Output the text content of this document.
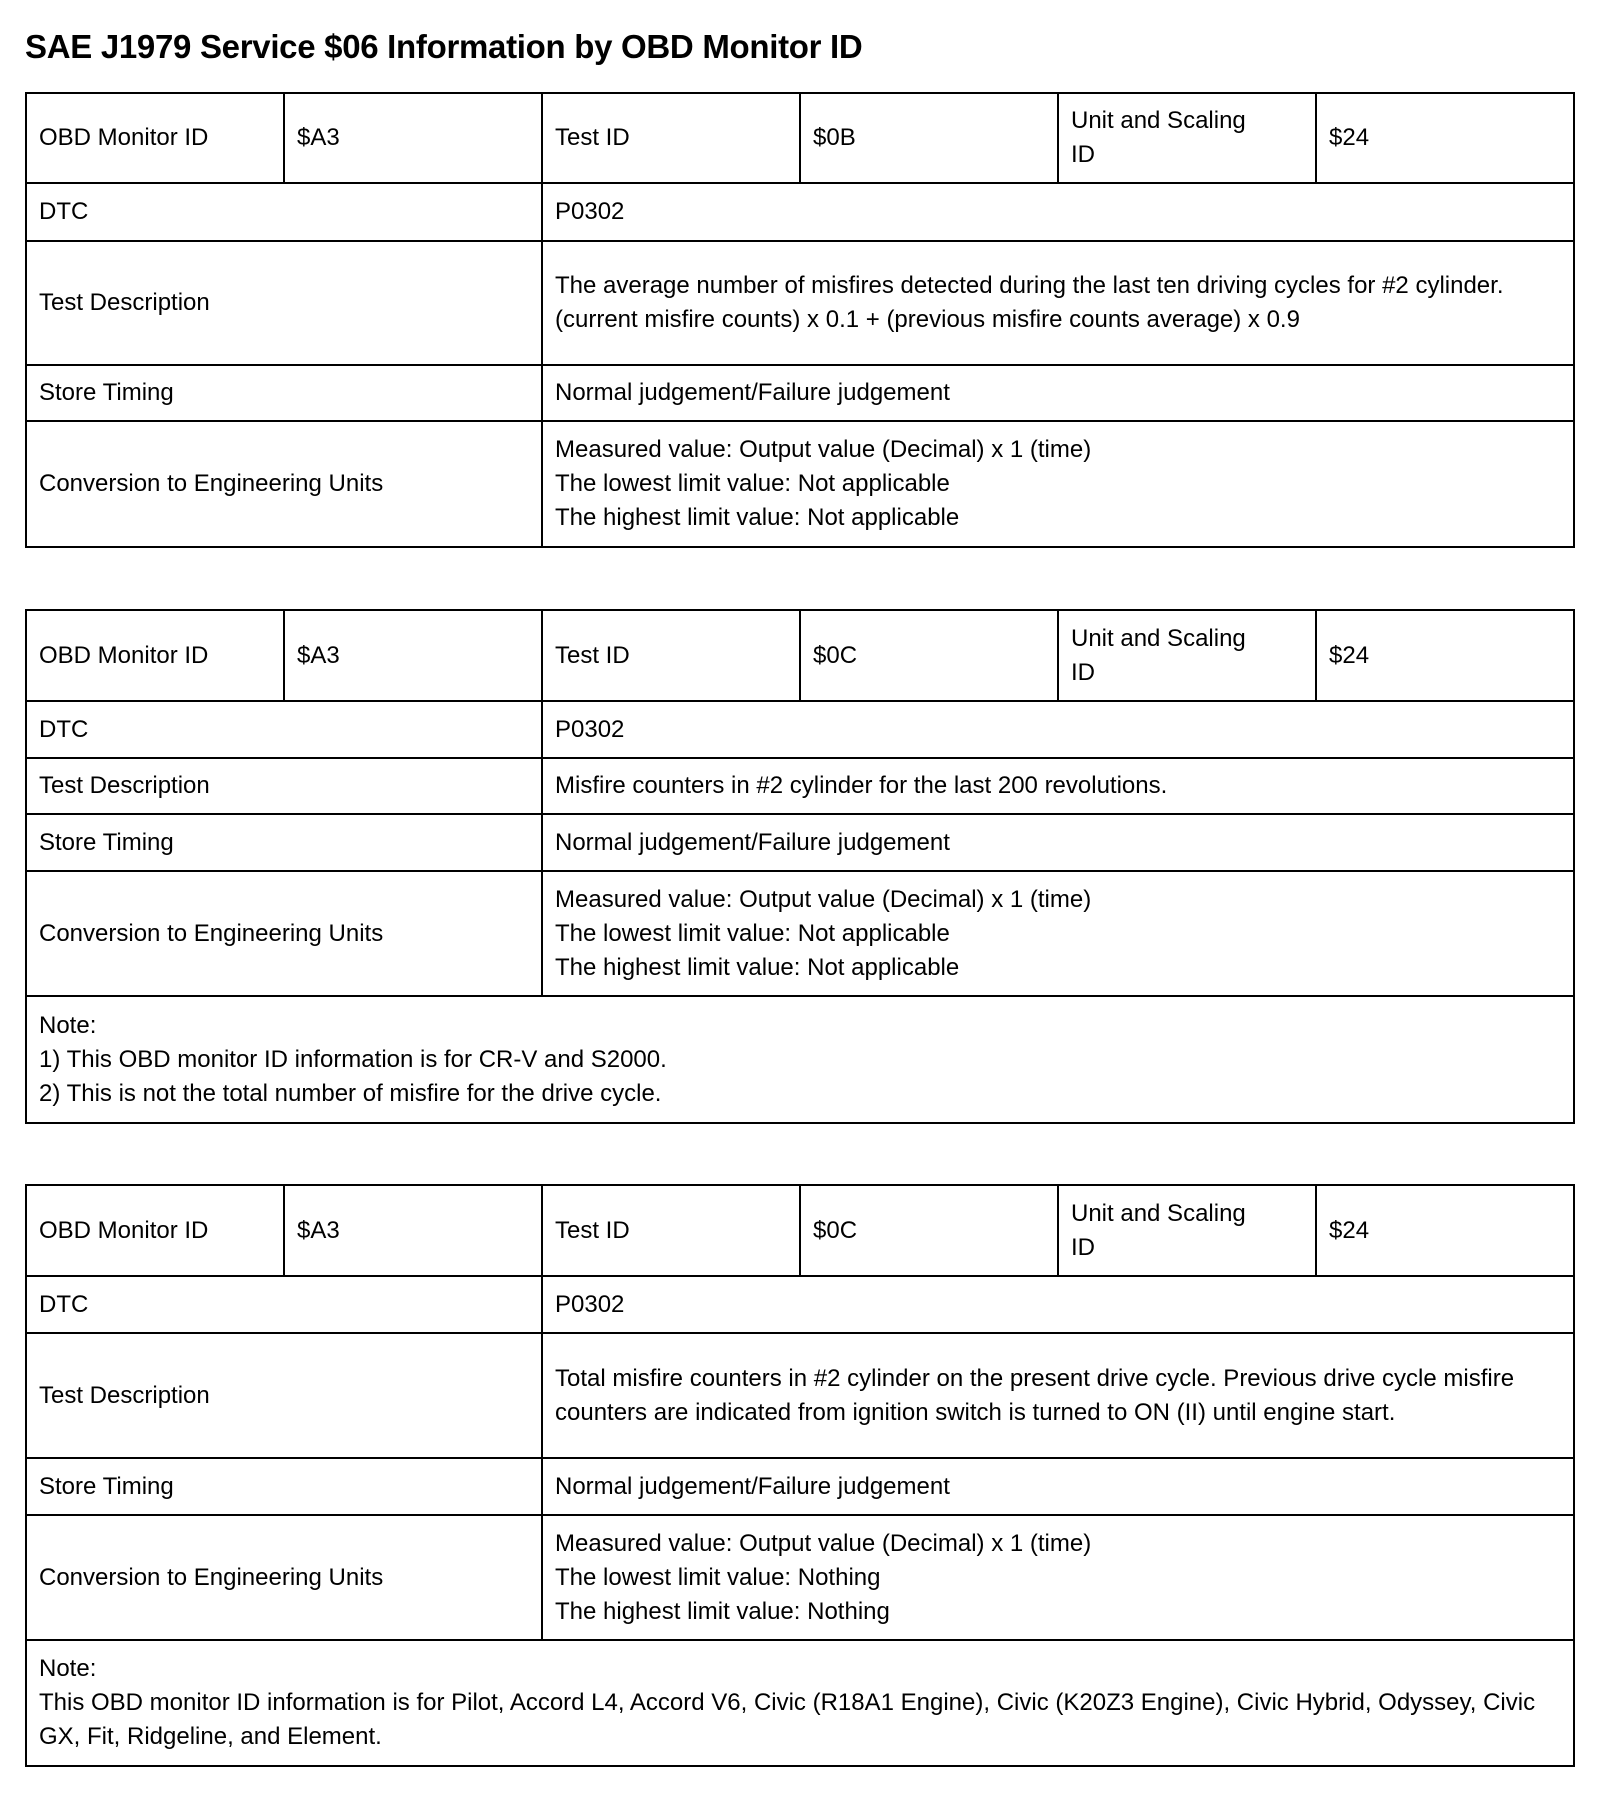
SAE J1979 Service $06 Information by OBD Monitor ID
OBD Monitor ID	$A3	Test ID	$0B	Unit and Scaling
ID	$24
DTC		P0302			
Test Description		The average number of misfires detected during the last ten driving cycles for #2 cylinder.
(current misfire counts) x 0.1 + (previous misfire counts average) x 0.9			
Store Timing		Normal judgement/Failure judgement			
Conversion to Engineering Units		Measured value: Output value (Decimal) x 1 (time)
The lowest limit value: Not applicable
The highest limit value: Not applicable			
OBD Monitor ID	$A3	Test ID	$0C	Unit and Scaling
ID	$24
DTC		P0302			
Test Description		Misfire counters in #2 cylinder for the last 200 revolutions.			
Store Timing		Normal judgement/Failure judgement			
Conversion to Engineering Units		Measured value: Output value (Decimal) x 1 (time)
The lowest limit value: Not applicable
The highest limit value: Not applicable			
Note:
1) This OBD monitor ID information is for CR-V and S2000.
2) This is not the total number of misfire for the drive cycle.					
OBD Monitor ID	$A3	Test ID	$0C	Unit and Scaling
ID	$24
DTC		P0302			
Test Description		Total misfire counters in #2 cylinder on the present drive cycle. Previous drive cycle misfire counters are indicated from ignition switch is turned to ON (II) until engine start.			
Store Timing		Normal judgement/Failure judgement			
Conversion to Engineering Units		Measured value: Output value (Decimal) x 1 (time)
The lowest limit value: Nothing
The highest limit value: Nothing			
Note:
This OBD monitor ID information is for Pilot, Accord L4, Accord V6, Civic (R18A1 Engine), Civic (K20Z3 Engine), Civic Hybrid, Odyssey, Civic GX, Fit, Ridgeline, and Element.					
